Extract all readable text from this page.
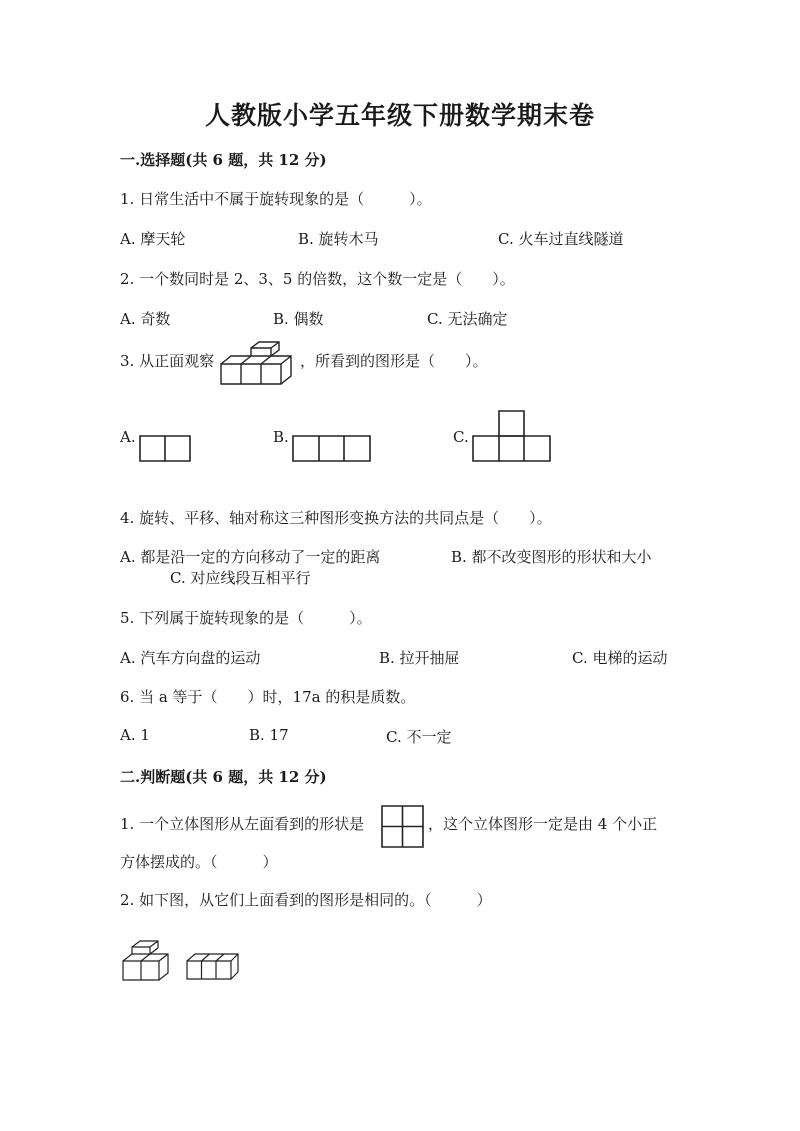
人教版小学五年级下册数学期末卷
一.选择题(共 6 题，共 12 分)
1. 日常生活中不属于旋转现象的是（　　　）。
A. 摩天轮	B. 旋转木马	C. 火车过直线隧道
2. 一个数同时是 2、3、5 的倍数，这个数一定是（　　）。
A. 奇数	B. 偶数	C. 无法确定
3. 从正面观察	，所看到的图形是（　　）。
A.	B.	C.
4. 旋转、平移、轴对称这三种图形变换方法的共同点是（　　）。
A. 都是沿一定的方向移动了一定的距离	B. 都不改变图形的形状和大小
C. 对应线段互相平行
5. 下列属于旋转现象的是（　　　）。
A. 汽车方向盘的运动	B. 拉开抽屉	C. 电梯的运动
6. 当 a 等于（　　）时，17a 的积是质数。
A. 1	B. 17	C. 不一定
二.判断题(共 6 题，共 12 分)
1. 一个立体图形从左面看到的形状是	，这个立体图形一定是由 4 个小正
方体摆成的。（　　　）
2. 如下图，从它们上面看到的图形是相同的。（　　　）
